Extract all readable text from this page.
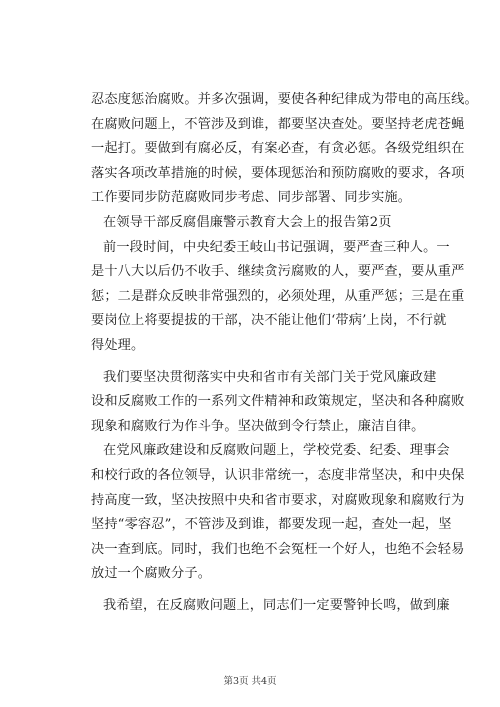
忍态度惩治腐败。并多次强调，要使各种纪律成为带电的高压线。
在腐败问题上，不管涉及到谁，都要坚决查处。要坚持老虎苍蝇
一起打。要做到有腐必反，有案必查，有贪必惩。各级党组织在
落实各项改革措施的时候，要体现惩治和预防腐败的要求，各项
工作要同步防范腐败同步考虑、同步部署、同步实施。
在领导干部反腐倡廉警示教育大会上的报告第2页
前一段时间，中央纪委王岐山书记强调，要严查三种人。一
是十八大以后仍不收手、继续贪污腐败的人，要严查，要从重严
惩；二是群众反映非常强烈的，必须处理，从重严惩；三是在重
要岗位上将要提拔的干部，决不能让他们‘带病’上岗，不行就
得处理。
我们要坚决贯彻落实中央和省市有关部门关于党风廉政建
设和反腐败工作的一系列文件精神和政策规定，坚决和各种腐败
现象和腐败行为作斗争。坚决做到令行禁止，廉洁自律。
在党风廉政建设和反腐败问题上，学校党委、纪委、理事会
和校行政的各位领导，认识非常统一，态度非常坚决，和中央保
持高度一致，坚决按照中央和省市要求，对腐败现象和腐败行为
坚持“零容忍”，不管涉及到谁，都要发现一起，查处一起，坚
决一查到底。同时，我们也绝不会冤枉一个好人，也绝不会轻易
放过一个腐败分子。
我希望，在反腐败问题上，同志们一定要警钟长鸣，做到廉
第3页 共4页
